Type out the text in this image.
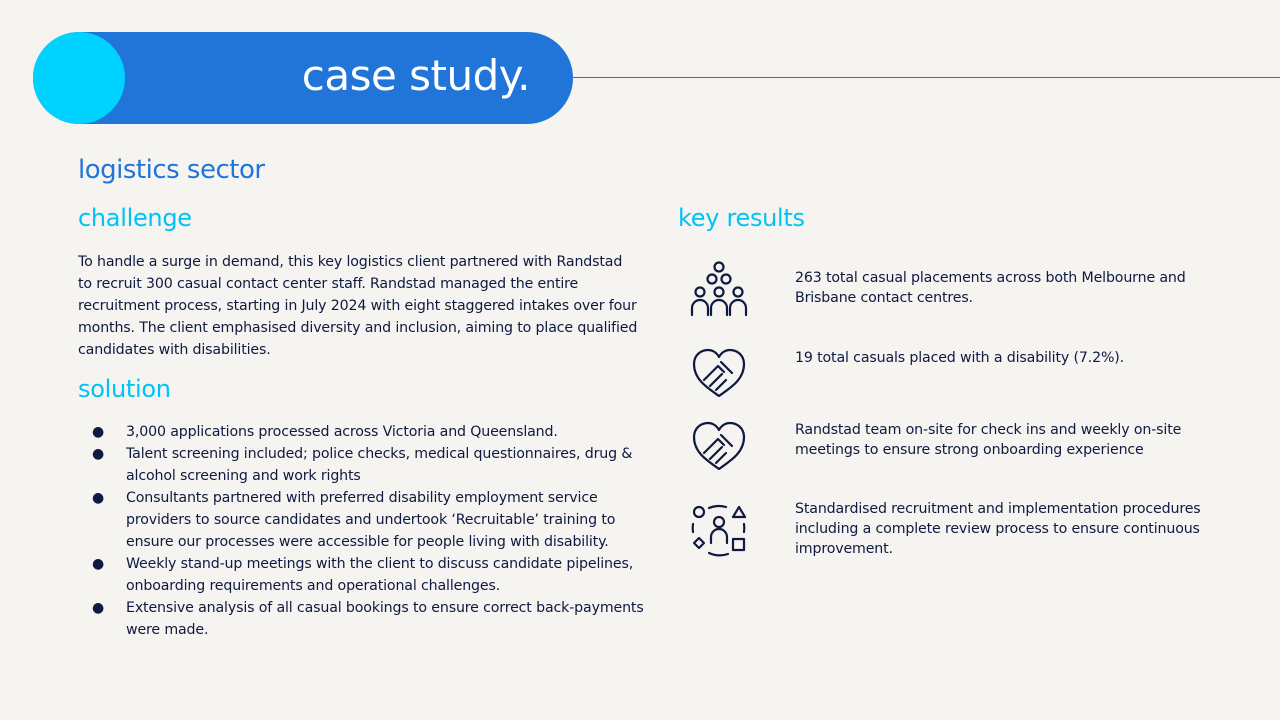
case study.
logistics sector
challenge

To handle a surge in demand, this key logistics client partnered with Randstad to recruit 300 casual contact center staff. Randstad managed the entire recruitment process, starting in July 2024 with eight staggered intakes over four months. The client emphasised diversity and inclusion, aiming to place qualified candidates with disabilities.

solution
● 3,000 applications processed across Victoria and Queensland.
● Talent screening included; police checks, medical questionnaires, drug & alcohol screening and work rights
● Consultants partnered with preferred disability employment service providers to source candidates and undertook ‘Recruitable’ training to ensure our processes were accessible for people living with disability.
● Weekly stand-up meetings with the client to discuss candidate pipelines, onboarding requirements and operational challenges.
● Extensive analysis of all casual bookings to ensure correct back-payments were made.
key results
263 total casual placements across both Melbourne and Brisbane contact centres.
19 total casuals placed with a disability (7.2%).
Randstad team on-site for check ins and weekly on-site meetings to ensure strong onboarding experience
Standardised recruitment and implementation procedures including a complete review process to ensure continuous improvement.
